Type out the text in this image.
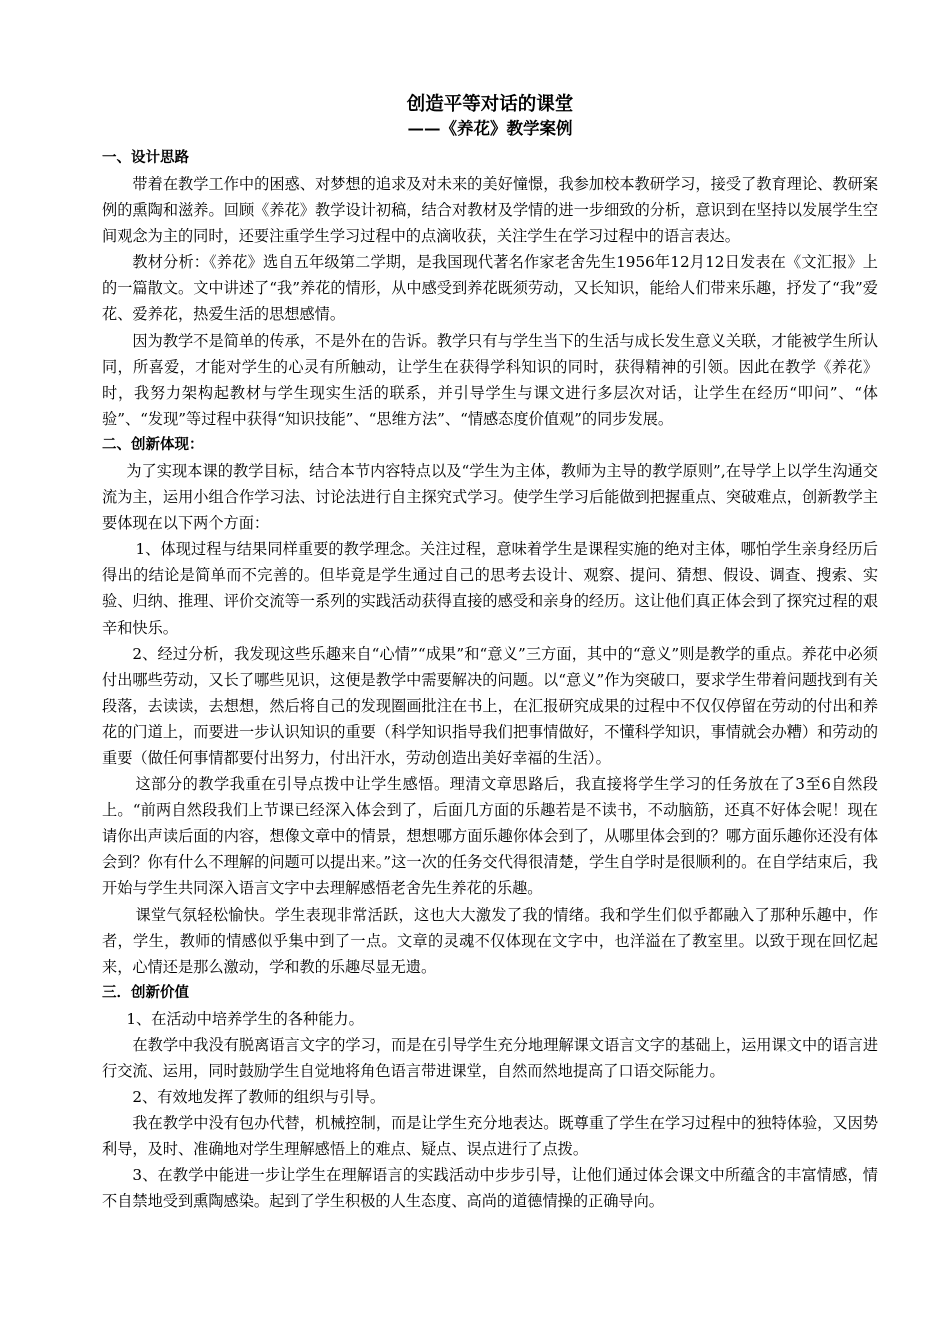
创造平等对话的课堂
——《养花》教学案例
一、设计思路

带着在教学工作中的困惑、对梦想的追求及对未来的美好憧憬，我参加校本教研学习，接受了教育理论、教研案例的熏陶和滋养。回顾《养花》教学设计初稿，结合对教材及学情的进一步细致的分析，意识到在坚持以发展学生空间观念为主的同时，还要注重学生学习过程中的点滴收获，关注学生在学习过程中的语言表达。

教材分析：《养花》选自五年级第二学期，是我国现代著名作家老舍先生1956年12月12日发表在《文汇报》上的一篇散文。文中讲述了“我”养花的情形，从中感受到养花既须劳动，又长知识，能给人们带来乐趣，抒发了“我”爱花、爱养花，热爱生活的思想感情。

因为教学不是简单的传承，不是外在的告诉。教学只有与学生当下的生活与成长发生意义关联，才能被学生所认同，所喜爱，才能对学生的心灵有所触动，让学生在获得学科知识的同时，获得精神的引领。因此在教学《养花》时，我努力架构起教材与学生现实生活的联系，并引导学生与课文进行多层次对话，让学生在经历“叩问”、“体验”、“发现”等过程中获得“知识技能”、“思维方法”、“情感态度价值观”的同步发展。

二、创新体现：

为了实现本课的教学目标，结合本节内容特点以及“学生为主体，教师为主导的教学原则”,在导学上以学生沟通交流为主，运用小组合作学习法、讨论法进行自主探究式学习。使学生学习后能做到把握重点、突破难点，创新教学主要体现在以下两个方面：

1、体现过程与结果同样重要的教学理念。关注过程，意味着学生是课程实施的绝对主体，哪怕学生亲身经历后得出的结论是简单而不完善的。但毕竟是学生通过自己的思考去设计、观察、提问、猜想、假设、调查、搜索、实验、归纳、推理、评价交流等一系列的实践活动获得直接的感受和亲身的经历。这让他们真正体会到了探究过程的艰辛和快乐。

2、经过分析，我发现这些乐趣来自“心情”“成果”和“意义”三方面，其中的“意义”则是教学的重点。养花中必须付出哪些劳动，又长了哪些见识，这便是教学中需要解决的问题。以“意义”作为突破口，要求学生带着问题找到有关段落，去读读，去想想，然后将自己的发现圈画批注在书上，在汇报研究成果的过程中不仅仅停留在劳动的付出和养花的门道上，而要进一步认识知识的重要（科学知识指导我们把事情做好，不懂科学知识，事情就会办糟）和劳动的重要（做任何事情都要付出努力，付出汗水，劳动创造出美好幸福的生活）。

这部分的教学我重在引导点拨中让学生感悟。理清文章思路后，我直接将学生学习的任务放在了3至6自然段上。“前两自然段我们上节课已经深入体会到了，后面几方面的乐趣若是不读书，不动脑筋，还真不好体会呢！现在请你出声读后面的内容，想像文章中的情景，想想哪方面乐趣你体会到了，从哪里体会到的？哪方面乐趣你还没有体会到？你有什么不理解的问题可以提出来。”这一次的任务交代得很清楚，学生自学时是很顺利的。在自学结束后，我开始与学生共同深入语言文字中去理解感悟老舍先生养花的乐趣。

课堂气氛轻松愉快。学生表现非常活跃，这也大大激发了我的情绪。我和学生们似乎都融入了那种乐趣中，作者，学生，教师的情感似乎集中到了一点。文章的灵魂不仅体现在文字中，也洋溢在了教室里。以致于现在回忆起来，心情还是那么激动，学和教的乐趣尽显无遗。

三．创新价值

1、在活动中培养学生的各种能力。

在教学中我没有脱离语言文字的学习，而是在引导学生充分地理解课文语言文字的基础上，运用课文中的语言进行交流、运用，同时鼓励学生自觉地将角色语言带进课堂，自然而然地提高了口语交际能力。

2、有效地发挥了教师的组织与引导。

我在教学中没有包办代替，机械控制，而是让学生充分地表达。既尊重了学生在学习过程中的独特体验，又因势利导，及时、准确地对学生理解感悟上的难点、疑点、误点进行了点拨。

3、在教学中能进一步让学生在理解语言的实践活动中步步引导，让他们通过体会课文中所蕴含的丰富情感，情不自禁地受到熏陶感染。起到了学生积极的人生态度、高尚的道德情操的正确导向。
